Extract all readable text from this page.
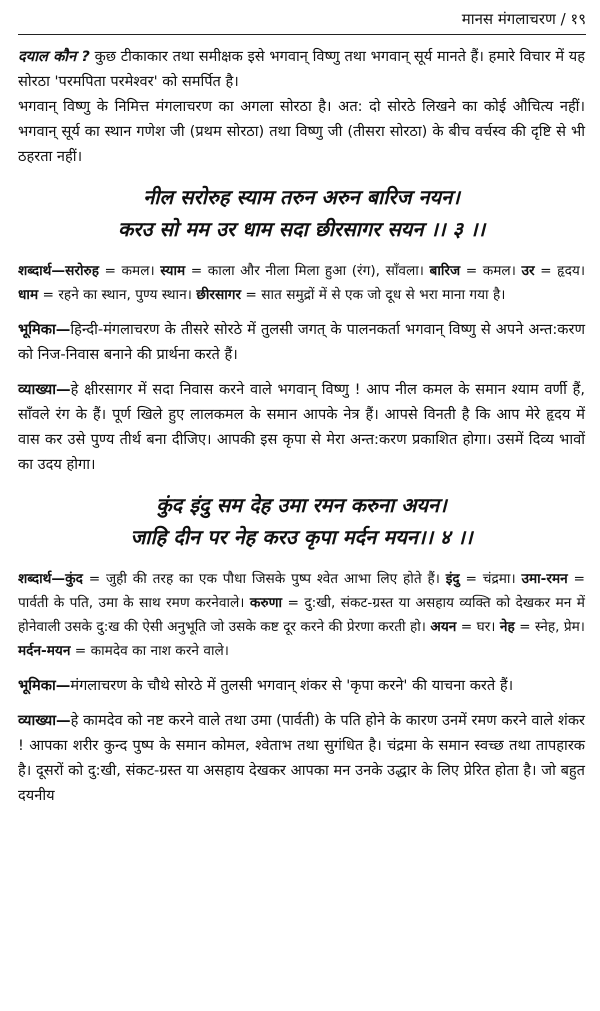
मानस मंगलाचरण / १९

दयाल कौन ? कुछ टीकाकार तथा समीक्षक इसे भगवान् विष्णु तथा भगवान् सूर्य मानते हैं। हमारे विचार में यह सोरठा 'परमपिता परमेश्वर' को समर्पित है।

भगवान् विष्णु के निमित्त मंगलाचरण का अगला सोरठा है। अत: दो सोरठे लिखने का कोई औचित्य नहीं। भगवान् सूर्य का स्थान गणेश जी (प्रथम सोरठा) तथा विष्णु जी (तीसरा सोरठा) के बीच वर्चस्व की दृष्टि से भी ठहरता नहीं।

नील सरोरुह स्याम तरुन अरुन बारिज नयन।
करउ सो मम उर धाम सदा छीरसागर सयन ।। ३ ।।

शब्दार्थ—सरोरुह = कमल। स्याम = काला और नीला मिला हुआ (रंग), साँवला। बारिज = कमल। उर = हृदय। धाम = रहने का स्थान, पुण्य स्थान। छीरसागर = सात समुद्रों में से एक जो दूध से भरा माना गया है।

भूमिका—हिन्दी-मंगलाचरण के तीसरे सोरठे में तुलसी जगत् के पालनकर्ता भगवान् विष्णु से अपने अन्त:करण को निज-निवास बनाने की प्रार्थना करते हैं।

व्याख्या—हे क्षीरसागर में सदा निवास करने वाले भगवान् विष्णु ! आप नील कमल के समान श्याम वर्णी हैं, साँवले रंग के हैं। पूर्ण खिले हुए लालकमल के समान आपके नेत्र हैं। आपसे विनती है कि आप मेरे हृदय में वास कर उसे पुण्य तीर्थ बना दीजिए। आपकी इस कृपा से मेरा अन्त:करण प्रकाशित होगा। उसमें दिव्य भावों का उदय होगा।

कुंद इंदु सम देह उमा रमन करुना अयन।
जाहि दीन पर नेह करउ कृपा मर्दन मयन।। ४ ।।

शब्दार्थ—कुंद = जुही की तरह का एक पौधा जिसके पुष्प श्वेत आभा लिए होते हैं। इंदु = चंद्रमा। उमा-रमन = पार्वती के पति, उमा के साथ रमण करनेवाले। करुणा = दु:खी, संकट-ग्रस्त या असहाय व्यक्ति को देखकर मन में होनेवाली उसके दु:ख की ऐसी अनुभूति जो उसके कष्ट दूर करने की प्रेरणा करती हो। अयन = घर। नेह = स्नेह, प्रेम। मर्दन-मयन = कामदेव का नाश करने वाले।

भूमिका—मंगलाचरण के चौथे सोरठे में तुलसी भगवान् शंकर से 'कृपा करने' की याचना करते हैं।

व्याख्या—हे कामदेव को नष्ट करने वाले तथा उमा (पार्वती) के पति होने के कारण उनमें रमण करने वाले शंकर ! आपका शरीर कुन्द पुष्प के समान कोमल, श्वेताभ तथा सुगंधित है। चंद्रमा के समान स्वच्छ तथा तापहारक है। दूसरों को दु:खी, संकट-ग्रस्त या असहाय देखकर आपका मन उनके उद्धार के लिए प्रेरित होता है। जो बहुत दयनीय
